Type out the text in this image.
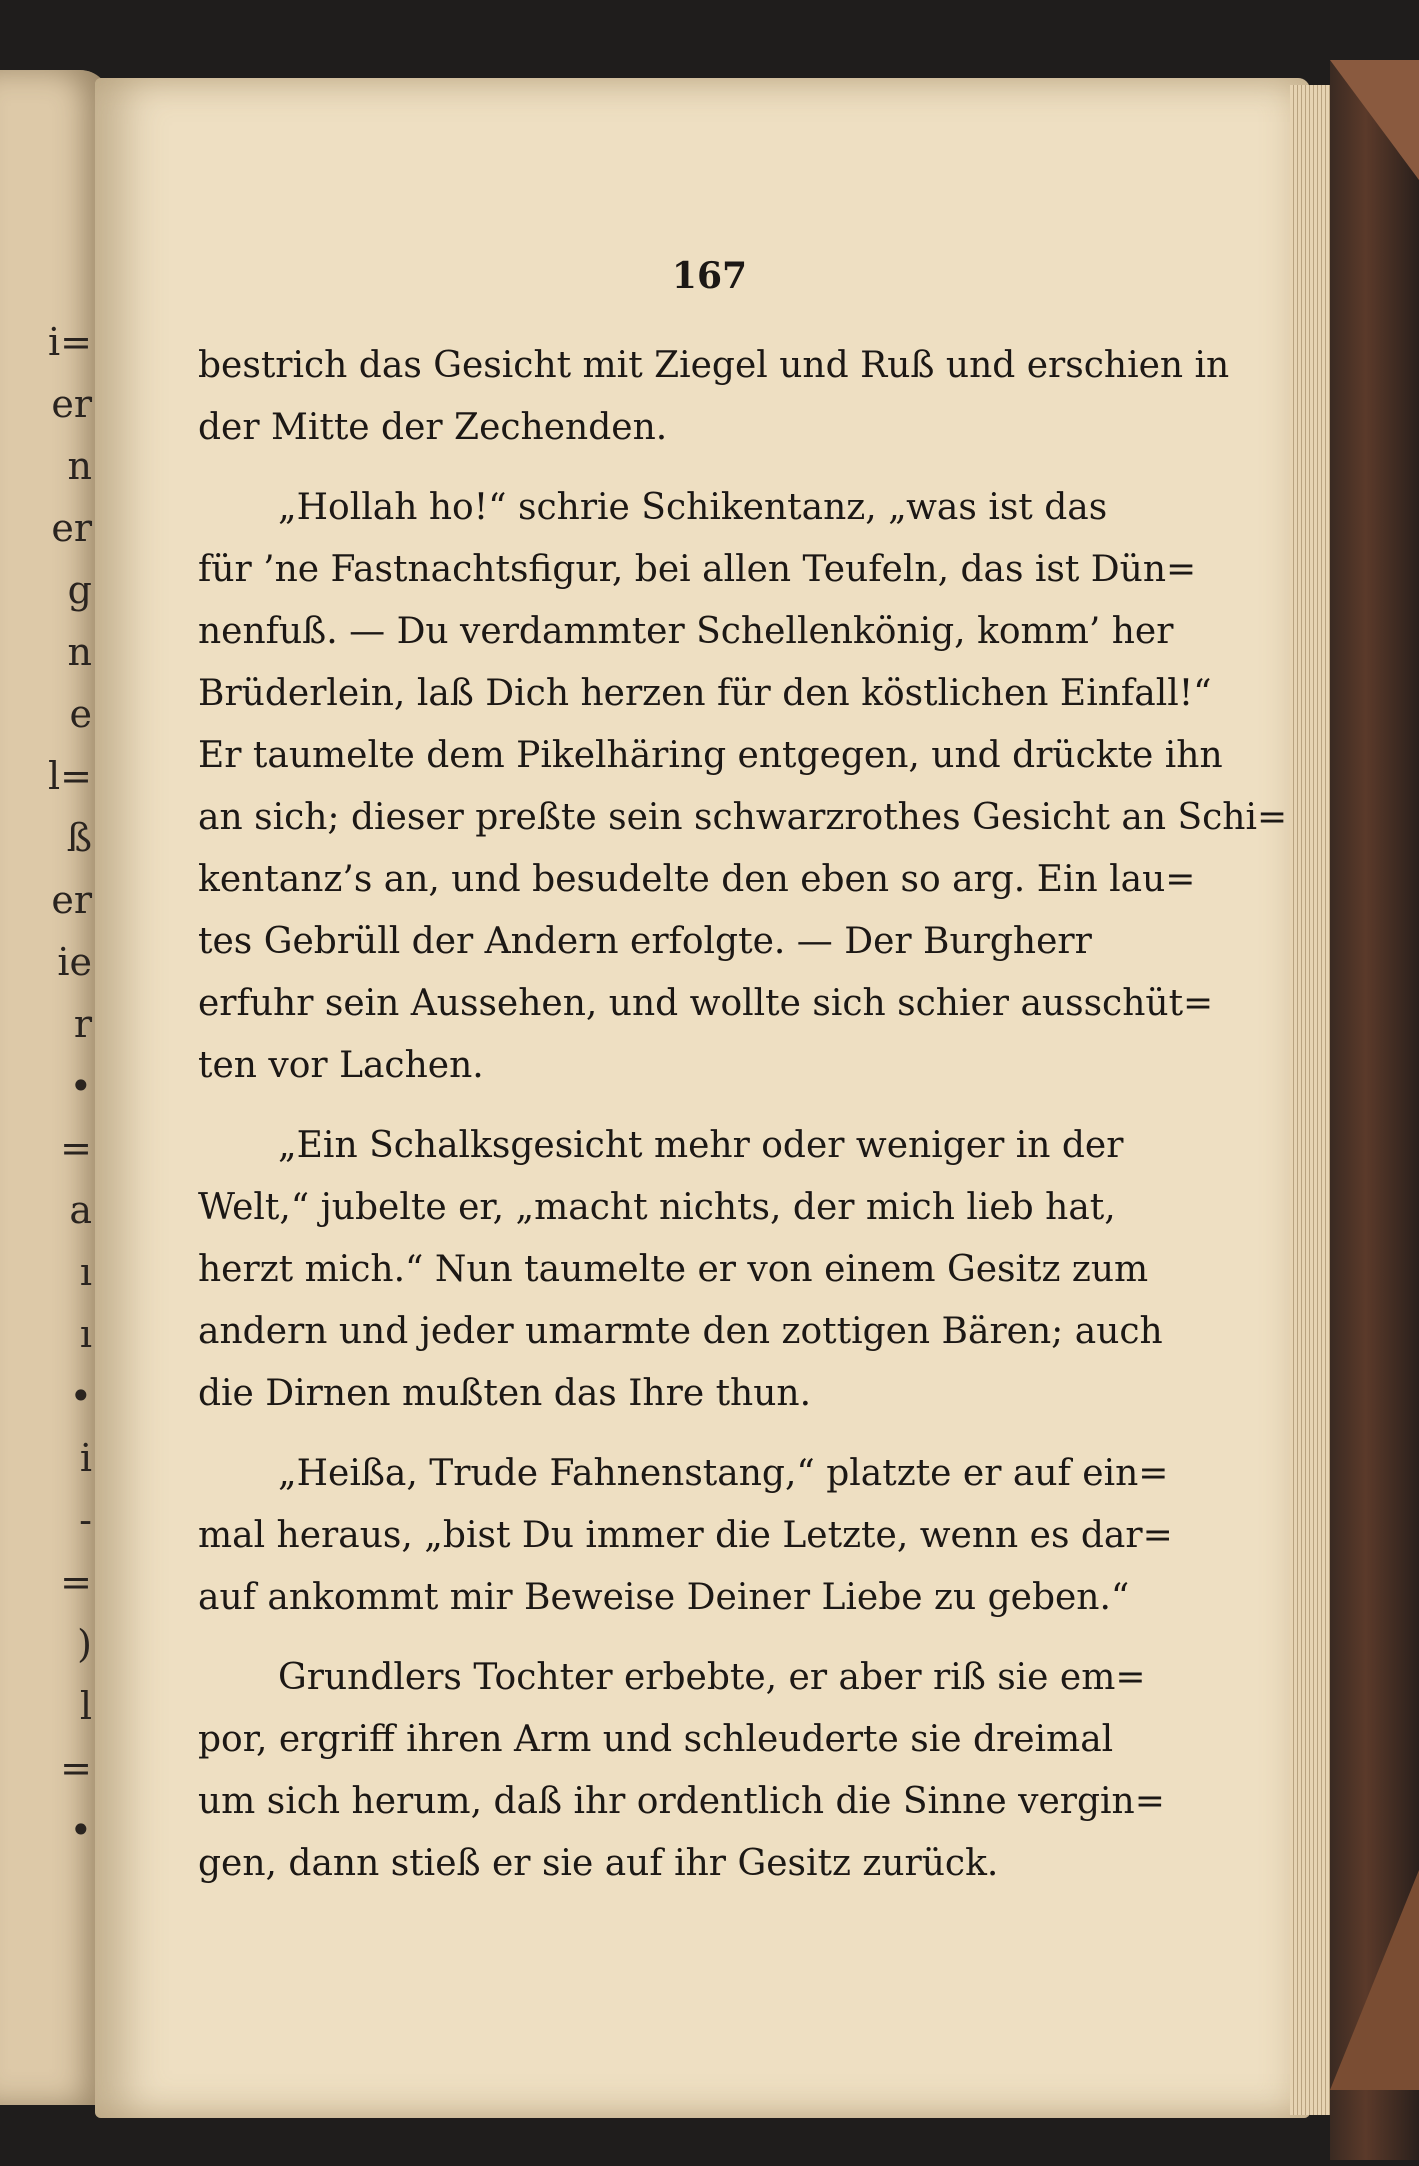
i=
er
n
er
g
n
e
l=
ß
er
ie
r
•
=
a
ı
ı
•
i
-
=
)
l
=
•
167
bestrich das Gesicht mit Ziegel und Ruß und erschien in
der Mitte der Zechenden.
„Hollah ho!“ schrie Schikentanz, „was ist das
für ’ne Fastnachtsfigur, bei allen Teufeln, das ist Dün=
nenfuß. — Du verdammter Schellenkönig, komm’ her
Brüderlein, laß Dich herzen für den köstlichen Einfall!“
Er taumelte dem Pikelhäring entgegen, und drückte ihn
an sich; dieser preßte sein schwarzrothes Gesicht an Schi=
kentanz’s an, und besudelte den eben so arg. Ein lau=
tes Gebrüll der Andern erfolgte. — Der Burgherr
erfuhr sein Aussehen, und wollte sich schier ausschüt=
ten vor Lachen.
„Ein Schalksgesicht mehr oder weniger in der
Welt,“ jubelte er, „macht nichts, der mich lieb hat,
herzt mich.“ Nun taumelte er von einem Gesitz zum
andern und jeder umarmte den zottigen Bären; auch
die Dirnen mußten das Ihre thun.
„Heißa, Trude Fahnenstang,“ platzte er auf ein=
mal heraus, „bist Du immer die Letzte, wenn es dar=
auf ankommt mir Beweise Deiner Liebe zu geben.“
Grundlers Tochter erbebte, er aber riß sie em=
por, ergriff ihren Arm und schleuderte sie dreimal
um sich herum, daß ihr ordentlich die Sinne vergin=
gen, dann stieß er sie auf ihr Gesitz zurück.
